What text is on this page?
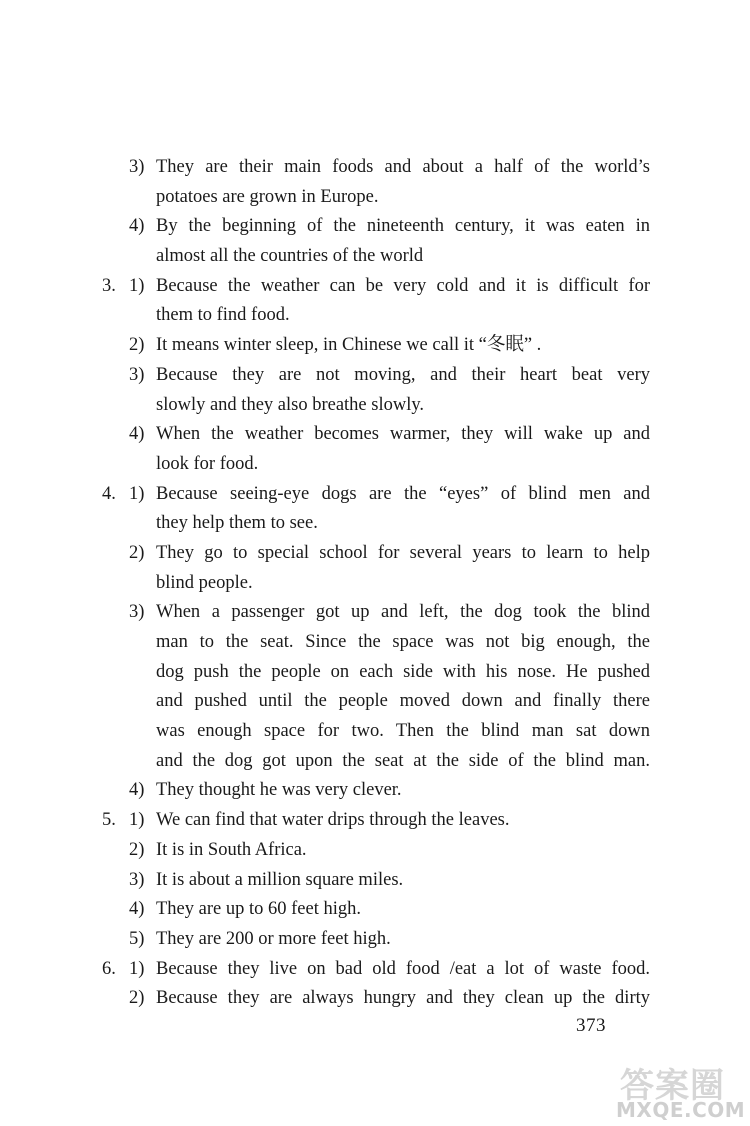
3) They are their main foods and about a half of the world’s
potatoes are grown in Europe.
4) By the beginning of the nineteenth century, it was eaten in
almost all the countries of the world
3. 1) Because the weather can be very cold and it is difficult for
them to find food.
2) It means winter sleep, in Chinese we call it “冬眠” .
3) Because they are not moving, and their heart beat very
slowly and they also breathe slowly.
4) When the weather becomes warmer, they will wake up and
look for food.
4. 1) Because seeing-eye dogs are the “eyes” of blind men and
they help them to see.
2) They go to special school for several years to learn to help
blind people.
3) When a passenger got up and left, the dog took the blind
man to the seat. Since the space was not big enough, the
dog push the people on each side with his nose. He pushed
and pushed until the people moved down and finally there
was enough space for two. Then the blind man sat down
and the dog got upon the seat at the side of the blind man.
4) They thought he was very clever.
5. 1) We can find that water drips through the leaves.
2) It is in South Africa.
3) It is about a million square miles.
4) They are up to 60 feet high.
5) They are 200 or more feet high.
6. 1) Because they live on bad old food /eat a lot of waste food.
2) Because they are always hungry and they clean up the dirty
373
答案圈
MXQE.COM
